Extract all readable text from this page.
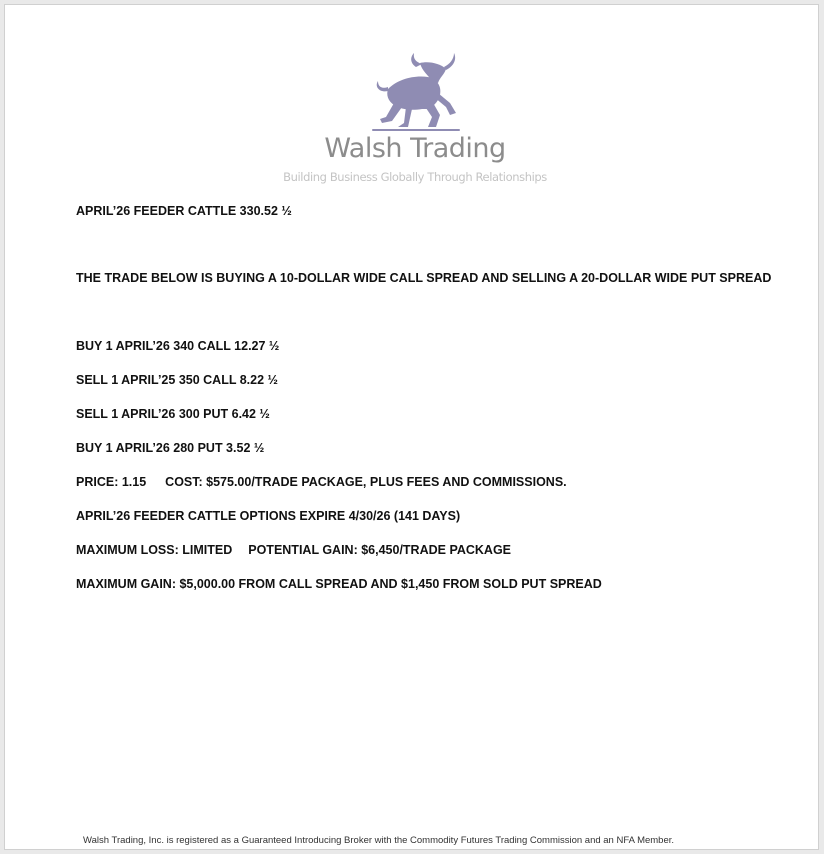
Walsh Trading
Building Business Globally Through Relationships
APRIL’26 FEEDER CATTLE 330.52 ½
THE TRADE BELOW IS BUYING A 10-DOLLAR WIDE CALL SPREAD AND SELLING A 20-DOLLAR WIDE PUT SPREAD
BUY 1 APRIL’26 340 CALL 12.27 ½
SELL 1 APRIL’25 350 CALL 8.22 ½
SELL 1 APRIL’26 300 PUT 6.42 ½
BUY 1 APRIL’26 280 PUT 3.52 ½
PRICE: 1.15 COST: $575.00/TRADE PACKAGE, PLUS FEES AND COMMISSIONS.
APRIL’26 FEEDER CATTLE OPTIONS EXPIRE 4/30/26 (141 DAYS)
MAXIMUM LOSS: LIMITED POTENTIAL GAIN: $6,450/TRADE PACKAGE
MAXIMUM GAIN: $5,000.00 FROM CALL SPREAD AND $1,450 FROM SOLD PUT SPREAD
Walsh Trading, Inc. is registered as a Guaranteed Introducing Broker with the Commodity Futures Trading Commission and an NFA Member.
